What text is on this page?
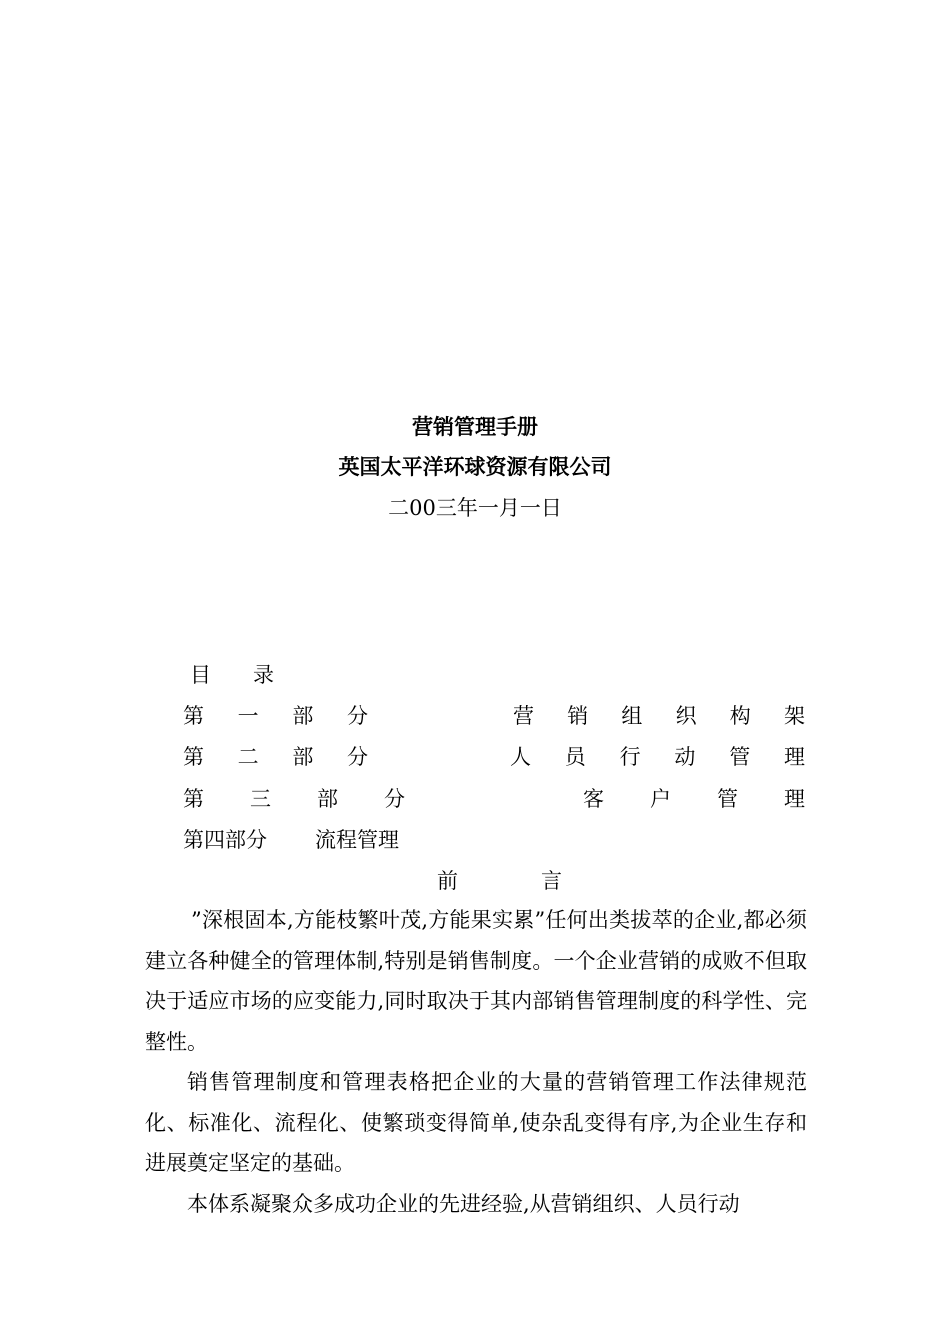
营销管理手册
英国太平洋环球资源有限公司
二00三年一月一日
目录
第 一 部 分	营 销 组 织 构 架
第 二 部 分	人 员 行 动 管 理
第 三 部 分	客 户 管 理
第四部分 流程管理
前	言

”深根固本,方能枝繁叶茂,方能果实累”任何出类拔萃的企业,都必须建立各种健全的管理体制,特别是销售制度。一个企业营销的成败不但取决于适应市场的应变能力,同时取决于其内部销售管理制度的科学性、完整性。

销售管理制度和管理表格把企业的大量的营销管理工作法律规范化、标准化、流程化、使繁琐变得简单,使杂乱变得有序,为企业生存和进展奠定坚定的基础。

本体系凝聚众多成功企业的先进经验,从营销组织、人员行动
